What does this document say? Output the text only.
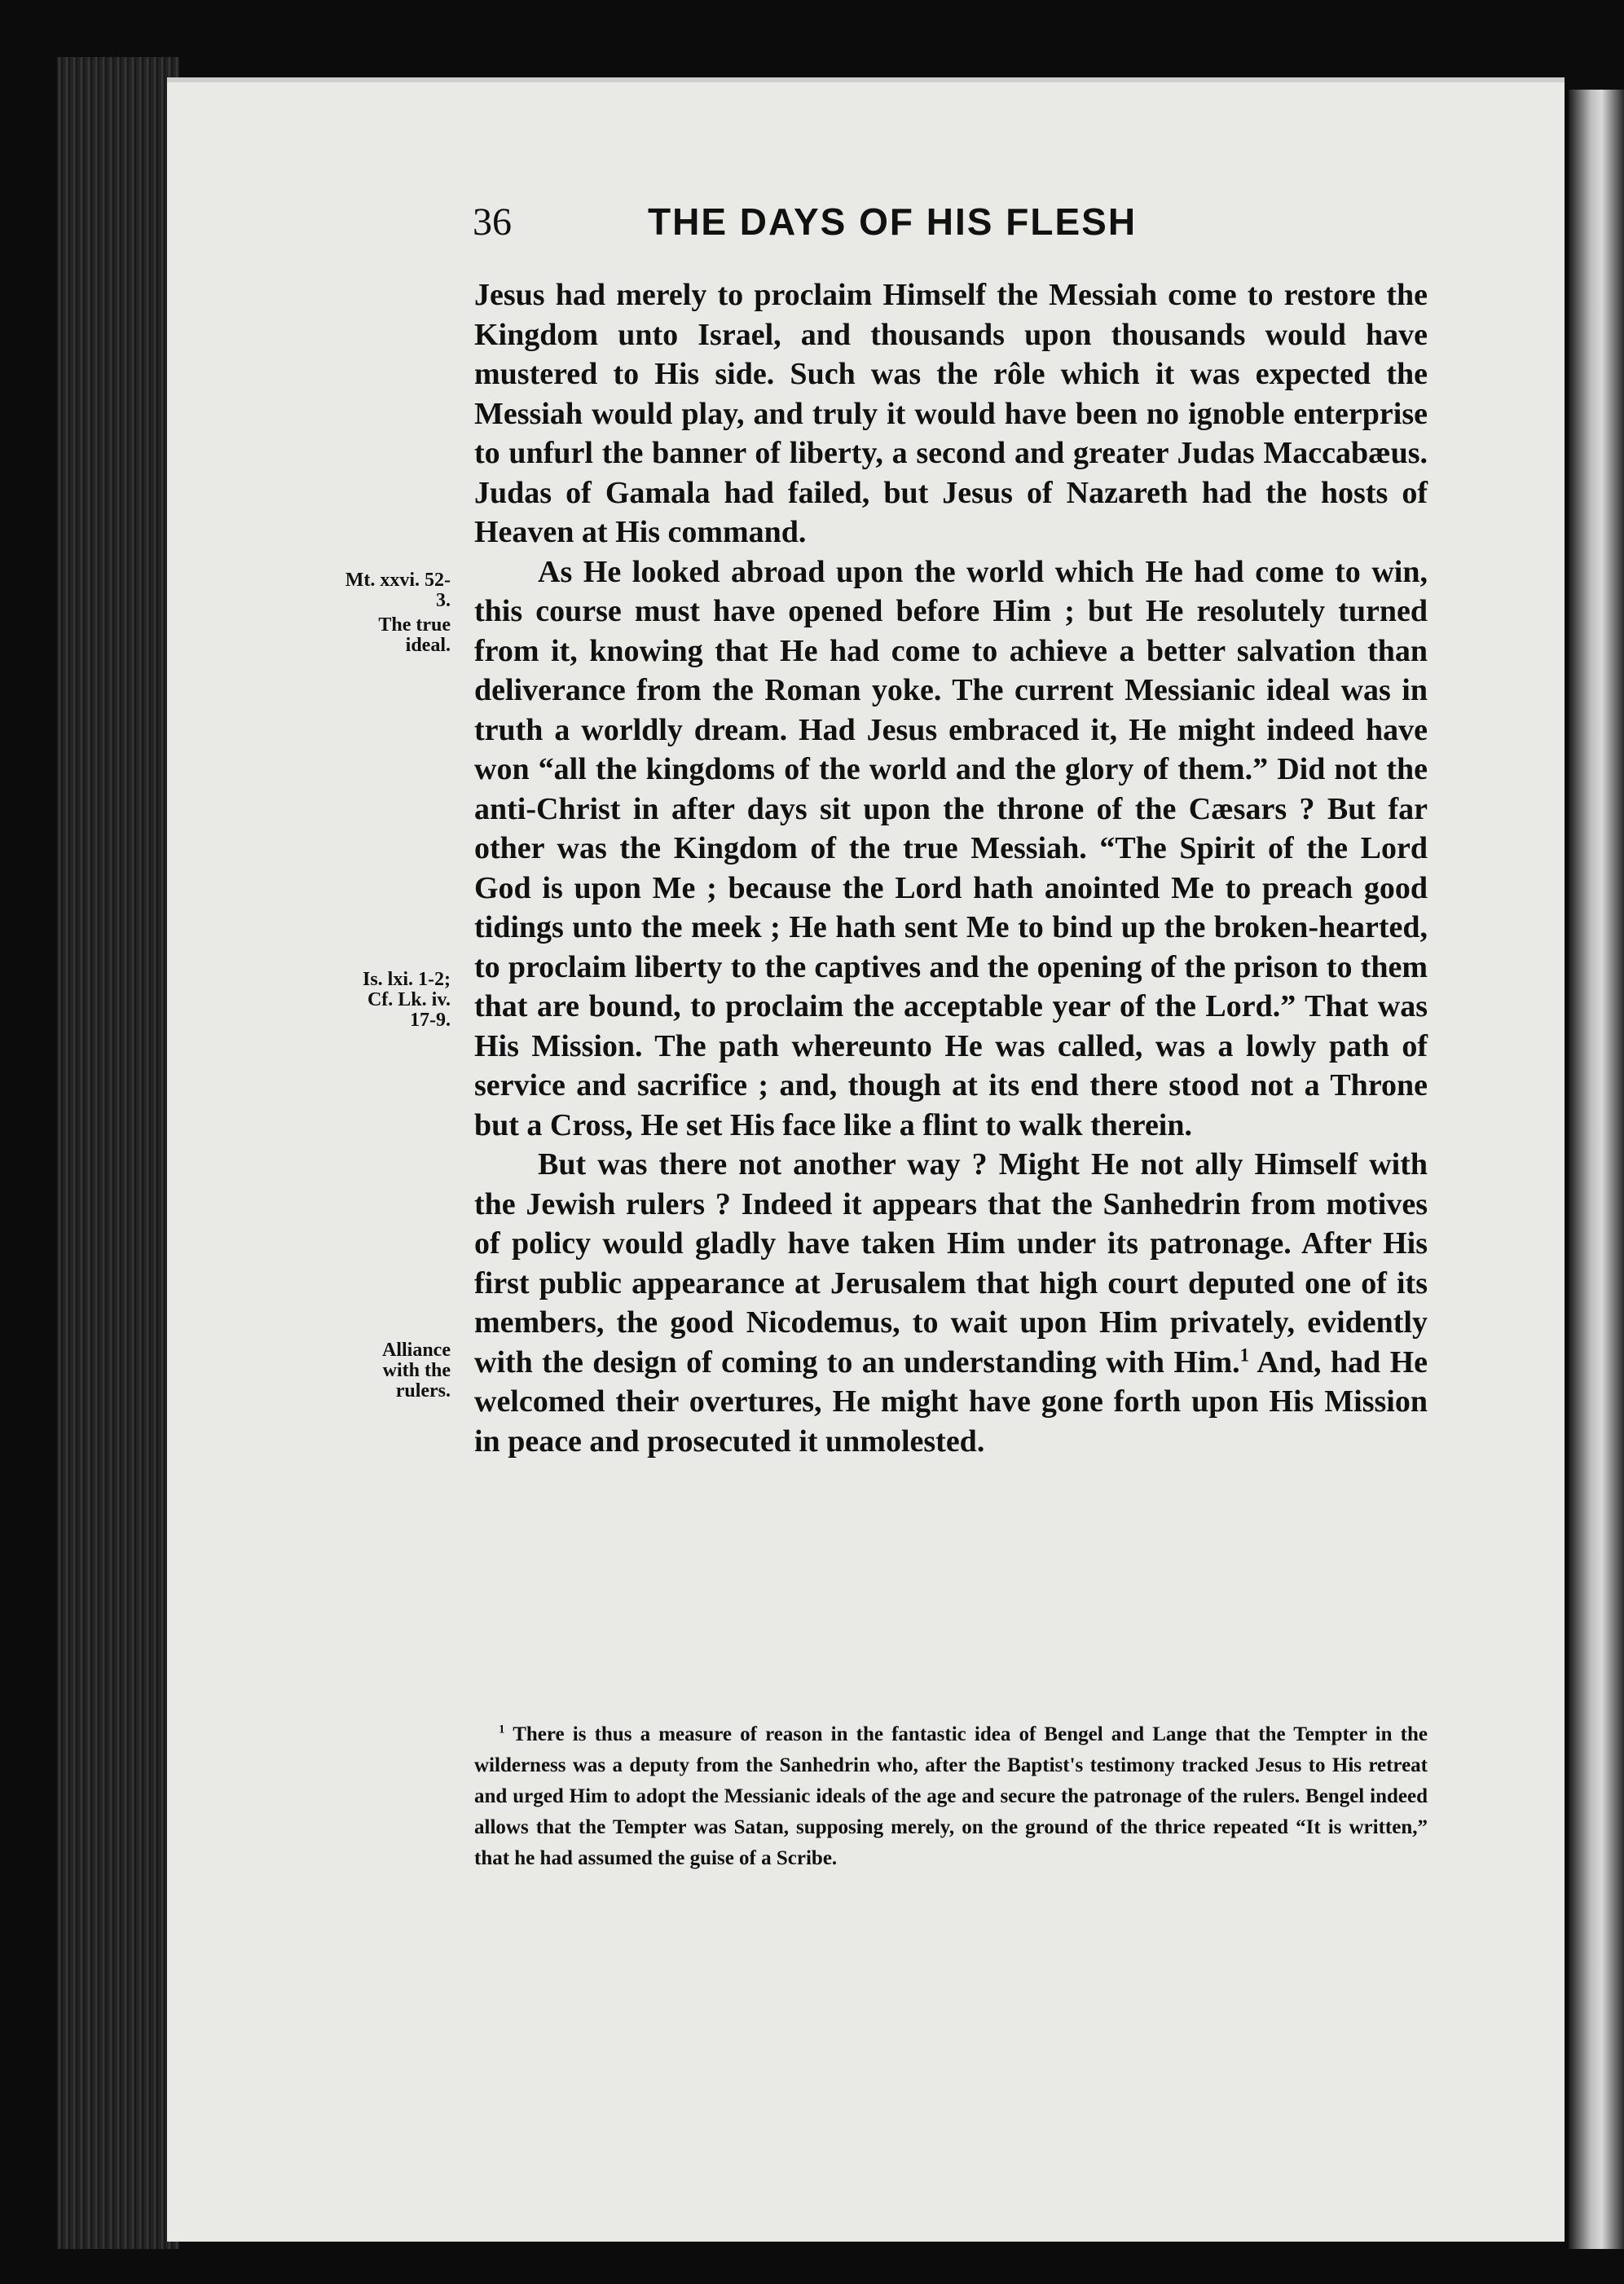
36	THE DAYS OF HIS FLESH
Mt. xxvi. 52-3.
The true ideal.
Is. lxi. 1-2; Cf. Lk. iv. 17-9.
Alliance with the rulers.

Jesus had merely to proclaim Himself the Messiah come to restore the Kingdom unto Israel, and thousands upon thousands would have mustered to His side. Such was the rôle which it was expected the Messiah would play, and truly it would have been no ignoble enterprise to unfurl the banner of liberty, a second and greater Judas Maccabæus. Judas of Gamala had failed, but Jesus of Nazareth had the hosts of Heaven at His command.

As He looked abroad upon the world which He had come to win, this course must have opened before Him ; but He resolutely turned from it, knowing that He had come to achieve a better salvation than deliverance from the Roman yoke. The current Messianic ideal was in truth a worldly dream. Had Jesus embraced it, He might indeed have won “all the kingdoms of the world and the glory of them.” Did not the anti-Christ in after days sit upon the throne of the Cæsars ? But far other was the Kingdom of the true Messiah. “The Spirit of the Lord God is upon Me ; because the Lord hath anointed Me to preach good tidings unto the meek ; He hath sent Me to bind up the broken-hearted, to proclaim liberty to the captives and the opening of the prison to them that are bound, to proclaim the acceptable year of the Lord.” That was His Mission. The path whereunto He was called, was a lowly path of service and sacrifice ; and, though at its end there stood not a Throne but a Cross, He set His face like a flint to walk therein.

But was there not another way ? Might He not ally Himself with the Jewish rulers ? Indeed it appears that the Sanhedrin from motives of policy would gladly have taken Him under its patronage. After His first public appearance at Jerusalem that high court deputed one of its members, the good Nicodemus, to wait upon Him privately, evidently with the design of coming to an understanding with Him.$^1$ And, had He welcomed their overtures, He might have gone forth upon His Mission in peace and prosecuted it unmolested.

$^1$ There is thus a measure of reason in the fantastic idea of Bengel and Lange that the Tempter in the wilderness was a deputy from the Sanhedrin who, after the Baptist's testimony tracked Jesus to His retreat and urged Him to adopt the Messianic ideals of the age and secure the patronage of the rulers. Bengel indeed allows that the Tempter was Satan, supposing merely, on the ground of the thrice repeated “It is written,” that he had assumed the guise of a Scribe.
